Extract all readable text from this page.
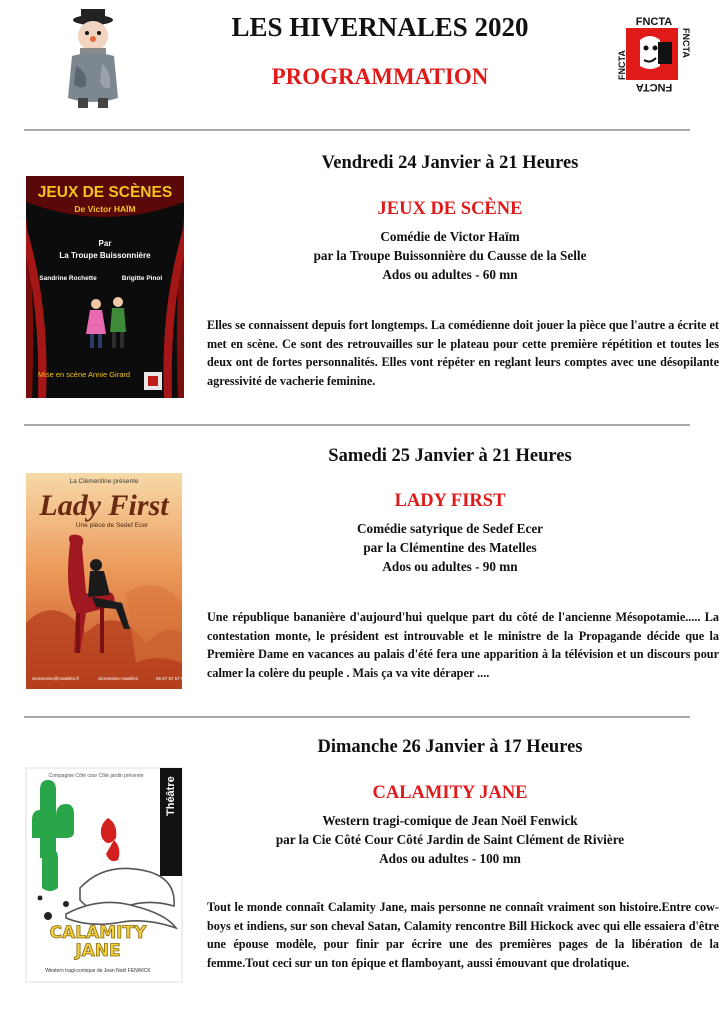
LES HIVERNALES 2020
PROGRAMMATION
FNCTA
FNCTA
FNCTA
FNCTA
JEUX DE SCÈNES
De Victor HAÏM
Par
La Troupe Buissonnière
Sandrine Rochette	Brigitte Pinol
Mise en scène Annie Girard
Vendredi 24 Janvier à 21 Heures
JEUX DE SCÈNE
Comédie de Victor Haïm
par la Troupe Buissonnière du Causse de la Selle
Ados ou adultes - 60 mn
Elles se connaissent depuis fort longtemps. La comédienne doit jouer la pièce que l'autre a écrite et met en scène. Ce sont des retrouvailles sur le plateau pour cette première répétition et toutes les deux ont de fortes personnalités. Elles vont répéter en reglant leurs comptes avec une désopilante agressivité de vacherie feminine.
La Clémentine présente
Lady First
Une pièce de Sedef Ecer
clementine@matelles.fr	clementine-matelles	06 67 57 57 98
Samedi 25 Janvier à 21 Heures
LADY FIRST
Comédie satyrique de Sedef Ecer
par la Clémentine des Matelles
Ados ou adultes - 90 mn
Une république bananière d'aujourd'hui quelque part du côté de l'ancienne Mésopotamie..... La contestation monte, le président est introuvable et le ministre de la Propagande décide que la Première Dame en vacances au palais d'été fera une apparition à la télévision et un discours pour calmer la colère du peuple . Mais ça va vite déraper ....
Théâtre
Compagnie Côté cour Côté jardin présente
CALAMITY
JANE
Western tragi-comique de Jean Noël FENWICK
Dimanche 26 Janvier à 17 Heures
CALAMITY JANE
Western tragi-comique de Jean Noël Fenwick
par la Cie Côté Cour Côté Jardin de Saint Clément de Rivière
Ados ou adultes - 100 mn
Tout le monde connaît Calamity Jane, mais personne ne connaît vraiment son histoire.Entre cow-boys et indiens, sur son cheval Satan, Calamity rencontre Bill Hickock avec qui elle essaiera d'être une épouse modèle, pour finir par écrire une des premières pages de la libération de la femme.Tout ceci sur un ton épique et flamboyant, aussi émouvant que drolatique.
